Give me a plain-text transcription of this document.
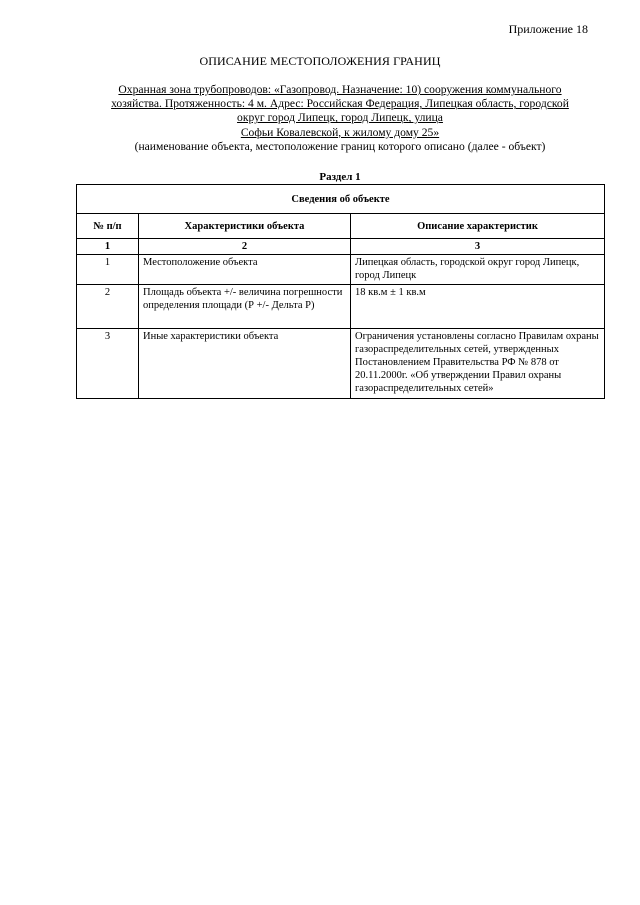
Приложение 18
ОПИСАНИЕ МЕСТОПОЛОЖЕНИЯ ГРАНИЦ
Охранная зона трубопроводов: «Газопровод. Назначение: 10) сооружения коммунального
хозяйства. Протяженность: 4 м. Адрес: Российская Федерация, Липецкая область, городской
округ город Липецк, город Липецк, улица
Софьи Ковалевской, к жилому дому 25»
(наименование объекта, местоположение границ которого описано (далее - объект)
Раздел 1
Сведения об объекте		
№ п/п	Характеристики объекта	Описание характеристик
1	2	3
1	Местоположение объекта	Липецкая область, городской округ город Липецк, город Липецк
2	Площадь объекта +/- величина погрешности определения площади (Р +/- Дельта Р)	18 кв.м ± 1 кв.м
3	Иные характеристики объекта	Ограничения установлены согласно Правилам охраны газораспределительных сетей, утвержденных Постановлением Правительства РФ № 878 от 20.11.2000г. «Об утверждении Правил охраны газораспределительных сетей»
